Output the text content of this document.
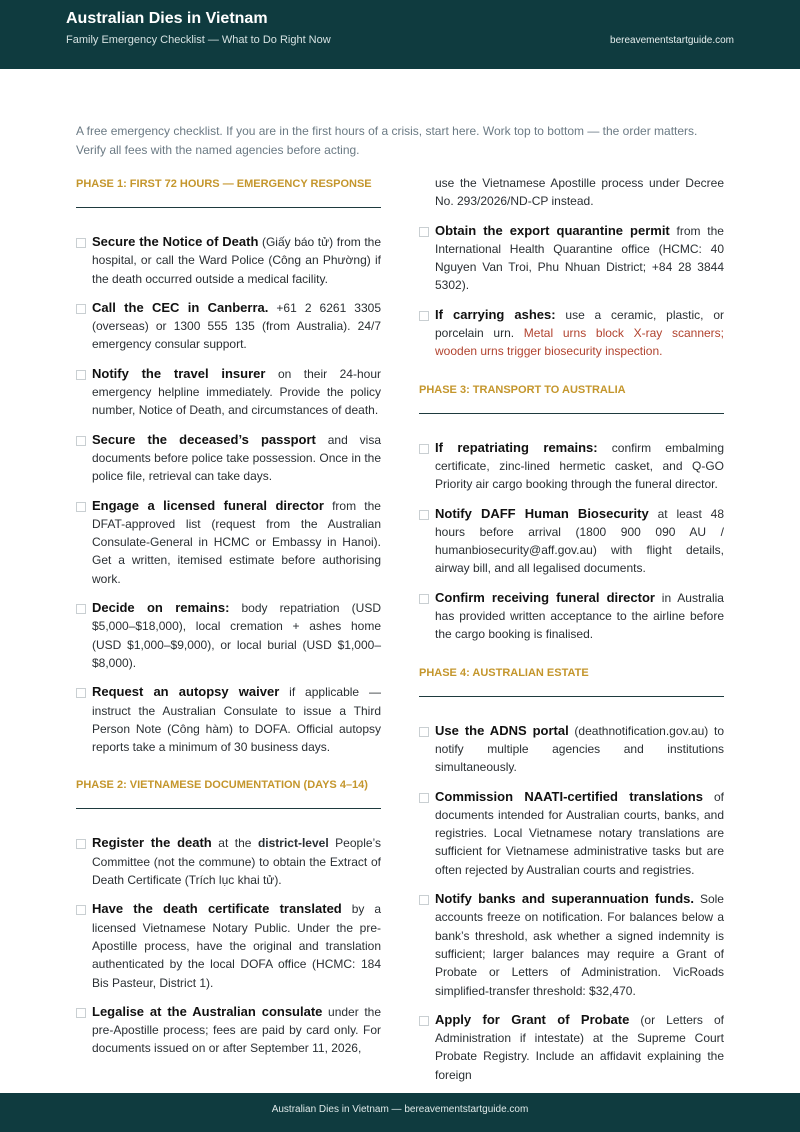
Australian Dies in Vietnam
Family Emergency Checklist — What to Do Right Now	bereavementstartguide.com
A free emergency checklist. If you are in the first hours of a crisis, start here. Work top to bottom — the order matters. Verify all fees with the named agencies before acting.
PHASE 1: FIRST 72 HOURS — EMERGENCY RESPONSE
Secure the Notice of Death (Giấy báo tử) from the hospital, or call the Ward Police (Công an Phường) if the death occurred outside a medical facility.
Call the CEC in Canberra. +61 2 6261 3305 (overseas) or 1300 555 135 (from Australia). 24/7 emergency consular support.
Notify the travel insurer on their 24-hour emergency helpline immediately. Provide the policy number, Notice of Death, and circumstances of death.
Secure the deceased’s passport and visa documents before police take possession. Once in the police file, retrieval can take days.
Engage a licensed funeral director from the DFAT-approved list (request from the Australian Consulate-General in HCMC or Embassy in Hanoi). Get a written, itemised estimate before authorising work.
Decide on remains: body repatriation (USD $5,000–$18,000), local cremation + ashes home (USD $1,000–$9,000), or local burial (USD $1,000–$8,000).
Request an autopsy waiver if applicable — instruct the Australian Consulate to issue a Third Person Note (Công hàm) to DOFA. Official autopsy reports take a minimum of 30 business days.
PHASE 2: VIETNAMESE DOCUMENTATION (DAYS 4–14)
Register the death at the district-level People’s Committee (not the commune) to obtain the Extract of Death Certificate (Trích lục khai tử).
Have the death certificate translated by a licensed Vietnamese Notary Public. Under the pre-Apostille process, have the original and translation authenticated by the local DOFA office (HCMC: 184 Bis Pasteur, District 1).
Legalise at the Australian consulate under the pre-Apostille process; fees are paid by card only. For documents issued on or after September 11, 2026,
use the Vietnamese Apostille process under Decree No. 293/2026/ND-CP instead.
Obtain the export quarantine permit from the International Health Quarantine office (HCMC: 40 Nguyen Van Troi, Phu Nhuan District; +84 28 3844 5302).
If carrying ashes: use a ceramic, plastic, or porcelain urn. Metal urns block X-ray scanners; wooden urns trigger biosecurity inspection.
PHASE 3: TRANSPORT TO AUSTRALIA
If repatriating remains: confirm embalming certificate, zinc-lined hermetic casket, and Q-GO Priority air cargo booking through the funeral director.
Notify DAFF Human Biosecurity at least 48 hours before arrival (1800 900 090 AU / humanbiosecurity@aff.gov.au) with flight details, airway bill, and all legalised documents.
Confirm receiving funeral director in Australia has provided written acceptance to the airline before the cargo booking is finalised.
PHASE 4: AUSTRALIAN ESTATE
Use the ADNS portal (deathnotification.gov.au) to notify multiple agencies and institutions simultaneously.
Commission NAATI-certified translations of documents intended for Australian courts, banks, and registries. Local Vietnamese notary translations are sufficient for Vietnamese administrative tasks but are often rejected by Australian courts and registries.
Notify banks and superannuation funds. Sole accounts freeze on notification. For balances below a bank’s threshold, ask whether a signed indemnity is sufficient; larger balances may require a Grant of Probate or Letters of Administration. VicRoads simplified-transfer threshold: $32,470.
Apply for Grant of Probate (or Letters of Administration if intestate) at the Supreme Court Probate Registry. Include an affidavit explaining the foreign
Australian Dies in Vietnam — bereavementstartguide.com
